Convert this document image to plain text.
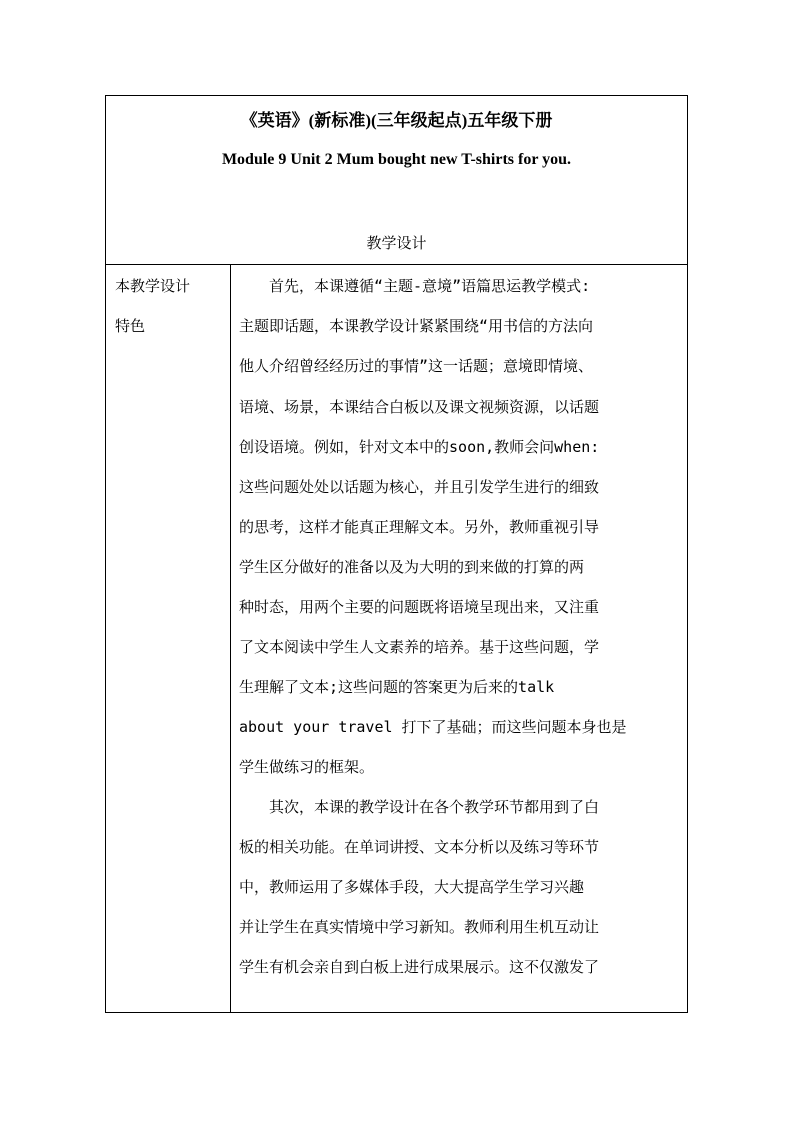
《英语》(新标准)(三年级起点)五年级下册
Module 9 Unit 2 Mum bought new T-shirts for you.
教学设计
本教学设计
特色
首先，本课遵循“主题-意境”语篇思运教学模式:
主题即话题，本课教学设计紧紧围绕“用书信的方法向
他人介绍曾经经历过的事情”这一话题；意境即情境、
语境、场景，本课结合白板以及课文视频资源，以话题
创设语境。例如，针对文本中的soon,教师会问when:
这些问题处处以话题为核心，并且引发学生进行的细致
的思考，这样才能真正理解文本。另外，教师重视引导
学生区分做好的准备以及为大明的到来做的打算的两
种时态，用两个主要的问题既将语境呈现出来，又注重
了文本阅读中学生人文素养的培养。基于这些问题，学
生理解了文本;这些问题的答案更为后来的talk
about your travel 打下了基础；而这些问题本身也是
学生做练习的框架。
其次，本课的教学设计在各个教学环节都用到了白
板的相关功能。在单词讲授、文本分析以及练习等环节
中，教师运用了多媒体手段，大大提高学生学习兴趣
并让学生在真实情境中学习新知。教师利用生机互动让
学生有机会亲自到白板上进行成果展示。这不仅激发了
